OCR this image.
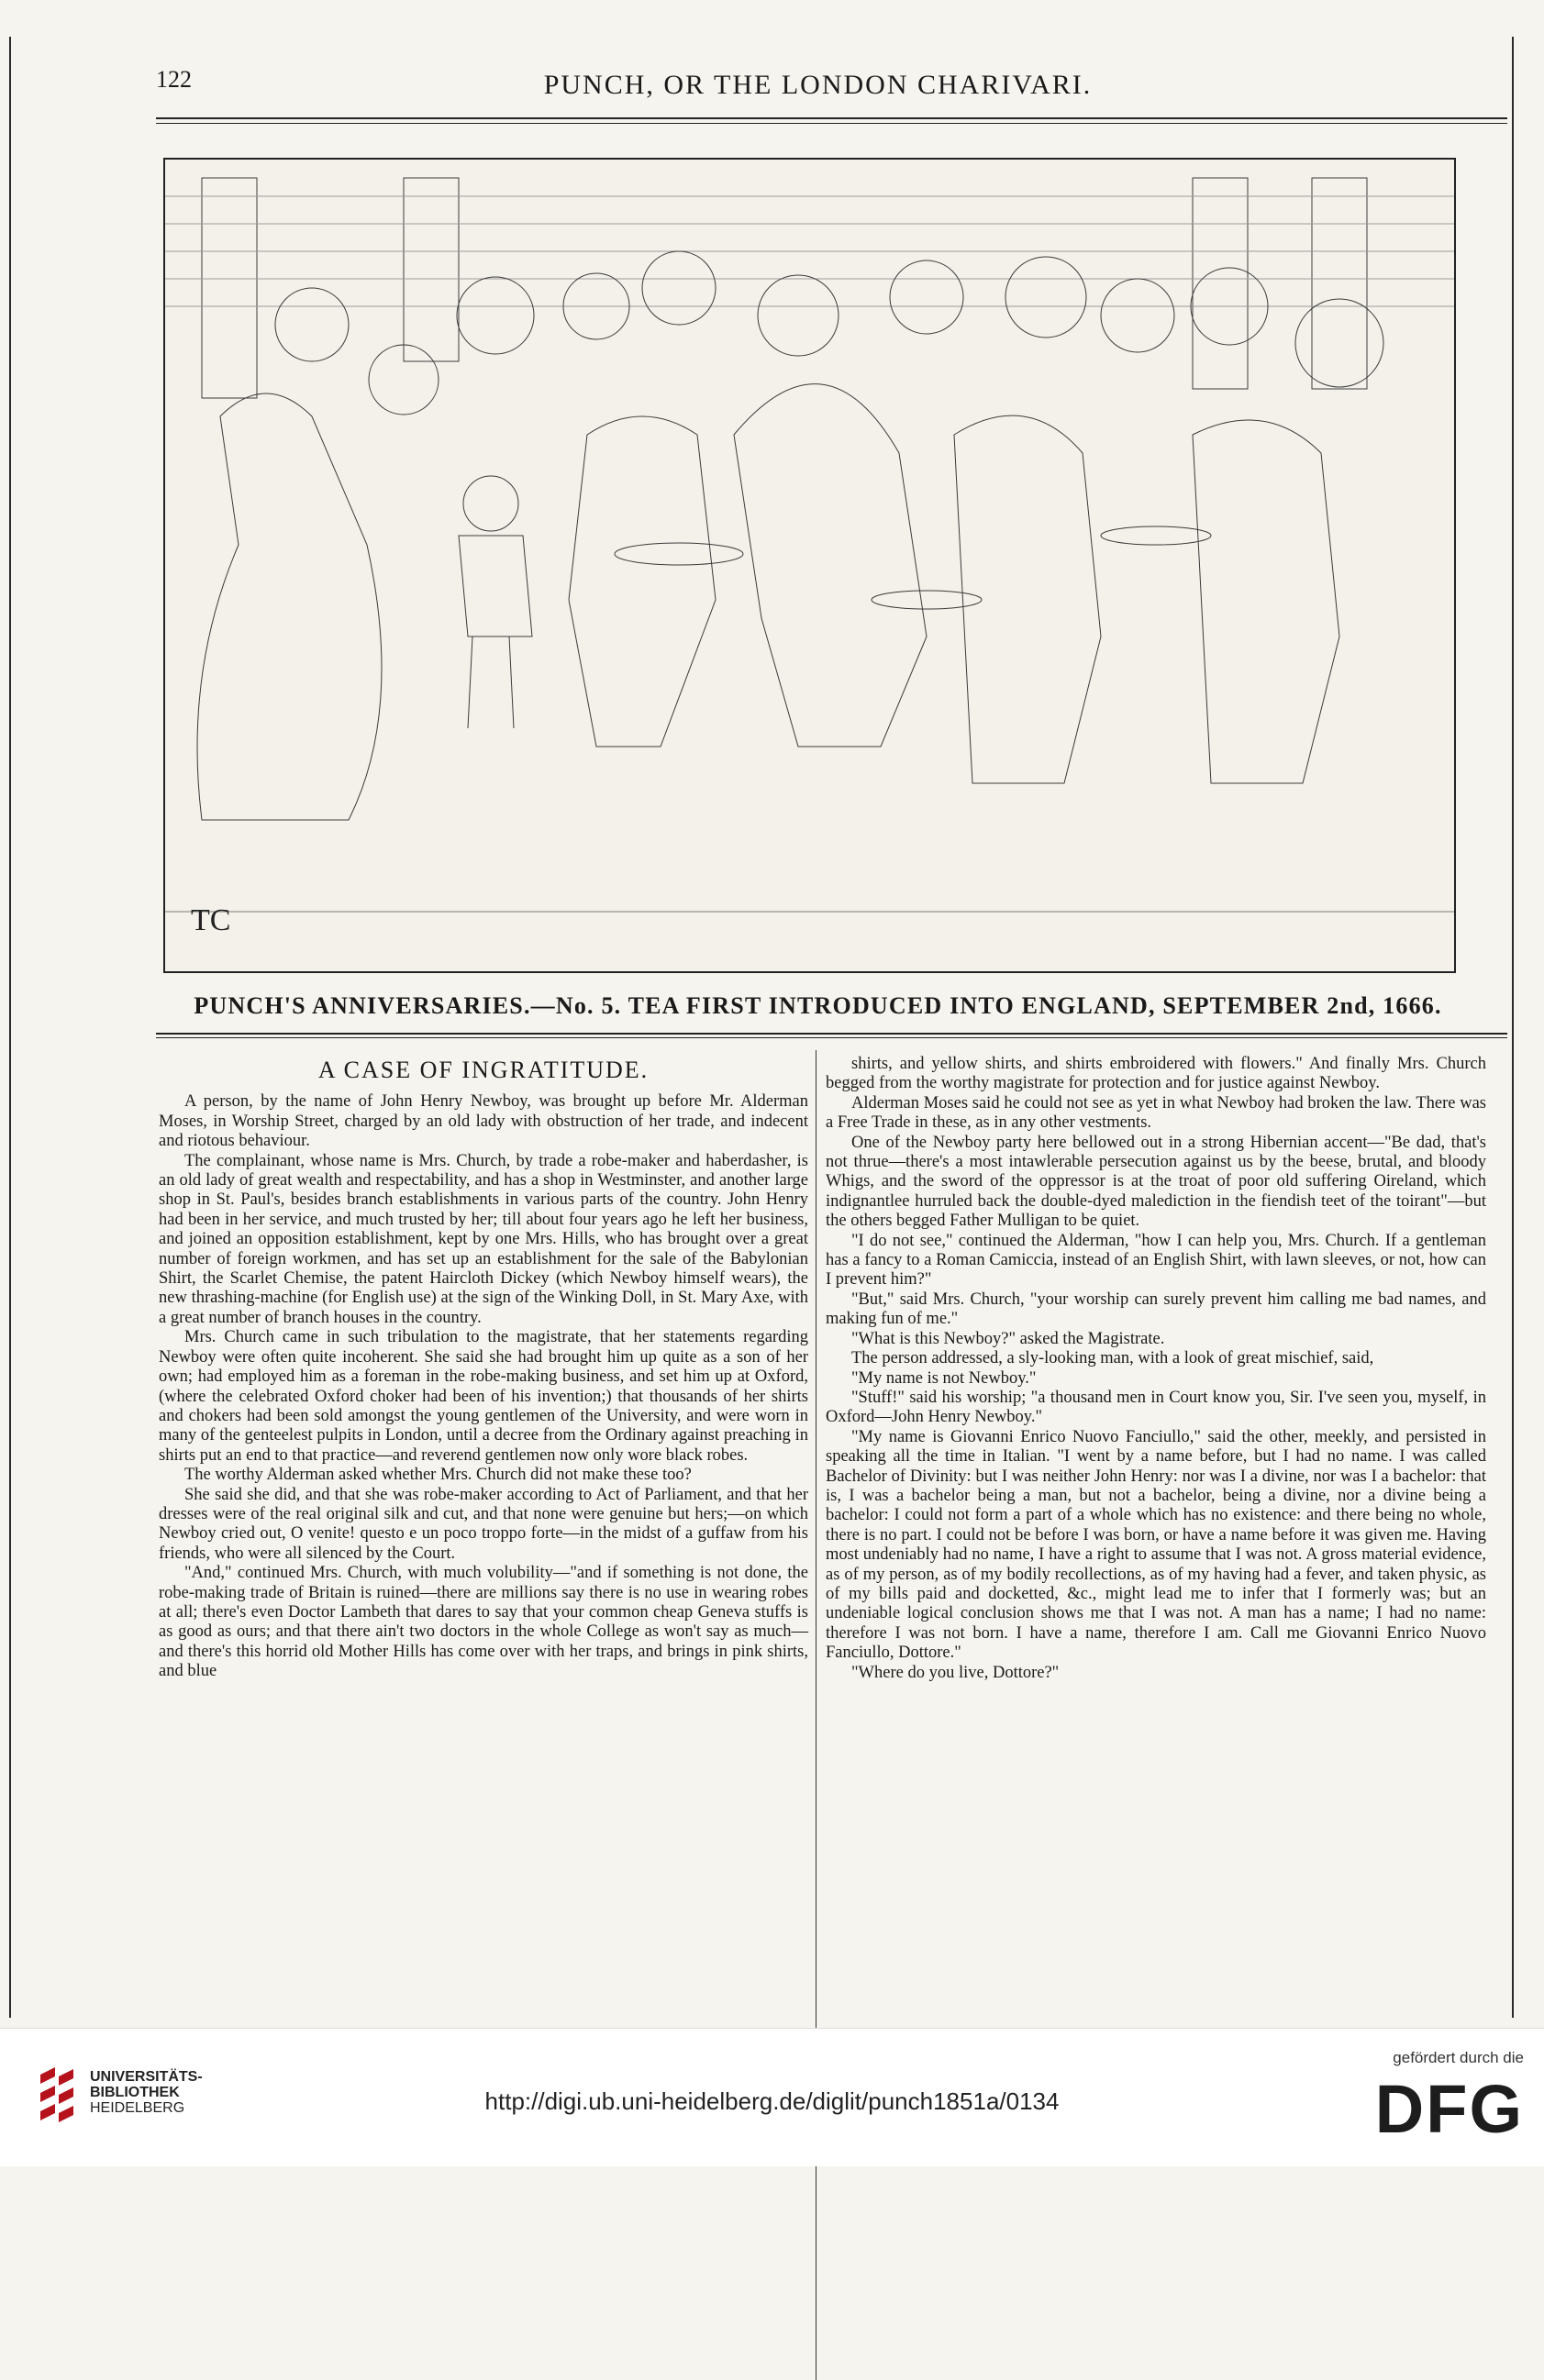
122	PUNCH, OR THE LONDON CHARIVARI.
TC
PUNCH'S ANNIVERSARIES.—No. 5. TEA FIRST INTRODUCED INTO ENGLAND, SEPTEMBER 2nd, 1666.
A CASE OF INGRATITUDE.

A person, by the name of John Henry Newboy, was brought up before Mr. Alderman Moses, in Worship Street, charged by an old lady with obstruction of her trade, and indecent and riotous behaviour.

The complainant, whose name is Mrs. Church, by trade a robe-maker and haberdasher, is an old lady of great wealth and respectability, and has a shop in Westminster, and another large shop in St. Paul's, besides branch establishments in various parts of the country. John Henry had been in her service, and much trusted by her; till about four years ago he left her business, and joined an opposition establishment, kept by one Mrs. Hills, who has brought over a great number of foreign workmen, and has set up an establishment for the sale of the Babylonian Shirt, the Scarlet Chemise, the patent Haircloth Dickey (which Newboy himself wears), the new thrashing-machine (for English use) at the sign of the Winking Doll, in St. Mary Axe, with a great number of branch houses in the country.

Mrs. Church came in such tribulation to the magistrate, that her statements regarding Newboy were often quite incoherent. She said she had brought him up quite as a son of her own; had employed him as a foreman in the robe-making business, and set him up at Oxford, (where the celebrated Oxford choker had been of his invention;) that thousands of her shirts and chokers had been sold amongst the young gentlemen of the University, and were worn in many of the genteelest pulpits in London, until a decree from the Ordinary against preaching in shirts put an end to that practice—and reverend gentlemen now only wore black robes.

The worthy Alderman asked whether Mrs. Church did not make these too?

She said she did, and that she was robe-maker according to Act of Parliament, and that her dresses were of the real original silk and cut, and that none were genuine but hers;—on which Newboy cried out, O venite! questo e un poco troppo forte—in the midst of a guffaw from his friends, who were all silenced by the Court.

"And," continued Mrs. Church, with much volubility—"and if something is not done, the robe-making trade of Britain is ruined—there are millions say there is no use in wearing robes at all; there's even Doctor Lambeth that dares to say that your common cheap Geneva stuffs is as good as ours; and that there ain't two doctors in the whole College as won't say as much—and there's this horrid old Mother Hills has come over with her traps, and brings in pink shirts, and blue

shirts, and yellow shirts, and shirts embroidered with flowers." And finally Mrs. Church begged from the worthy magistrate for protection and for justice against Newboy.

Alderman Moses said he could not see as yet in what Newboy had broken the law. There was a Free Trade in these, as in any other vestments.

One of the Newboy party here bellowed out in a strong Hibernian accent—"Be dad, that's not thrue—there's a most intawlerable persecution against us by the beese, brutal, and bloody Whigs, and the sword of the oppressor is at the troat of poor old suffering Oireland, which indignantlee hurruled back the double-dyed malediction in the fiendish teet of the toirant"—but the others begged Father Mulligan to be quiet.

"I do not see," continued the Alderman, "how I can help you, Mrs. Church. If a gentleman has a fancy to a Roman Camiccia, instead of an English Shirt, with lawn sleeves, or not, how can I prevent him?"

"But," said Mrs. Church, "your worship can surely prevent him calling me bad names, and making fun of me."

"What is this Newboy?" asked the Magistrate.

The person addressed, a sly-looking man, with a look of great mischief, said,

"My name is not Newboy."

"Stuff!" said his worship; "a thousand men in Court know you, Sir. I've seen you, myself, in Oxford—John Henry Newboy."

"My name is Giovanni Enrico Nuovo Fanciullo," said the other, meekly, and persisted in speaking all the time in Italian. "I went by a name before, but I had no name. I was called Bachelor of Divinity: but I was neither John Henry: nor was I a divine, nor was I a bachelor: that is, I was a bachelor being a man, but not a bachelor, being a divine, nor a divine being a bachelor: I could not form a part of a whole which has no existence: and there being no whole, there is no part. I could not be before I was born, or have a name before it was given me. Having most undeniably had no name, I have a right to assume that I was not. A gross material evidence, as of my person, as of my bodily recollections, as of my having had a fever, and taken physic, as of my bills paid and docketted, &c., might lead me to infer that I formerly was; but an undeniable logical conclusion shows me that I was not. A man has a name; I had no name: therefore I was not born. I have a name, therefore I am. Call me Giovanni Enrico Nuovo Fanciullo, Dottore."

"Where do you live, Dottore?"

UNIVERSITÄTS-
BIBLIOTHEK
HEIDELBERG	http://digi.ub.uni-heidelberg.de/diglit/punch1851a/0134
gefördert durch die
DFG
